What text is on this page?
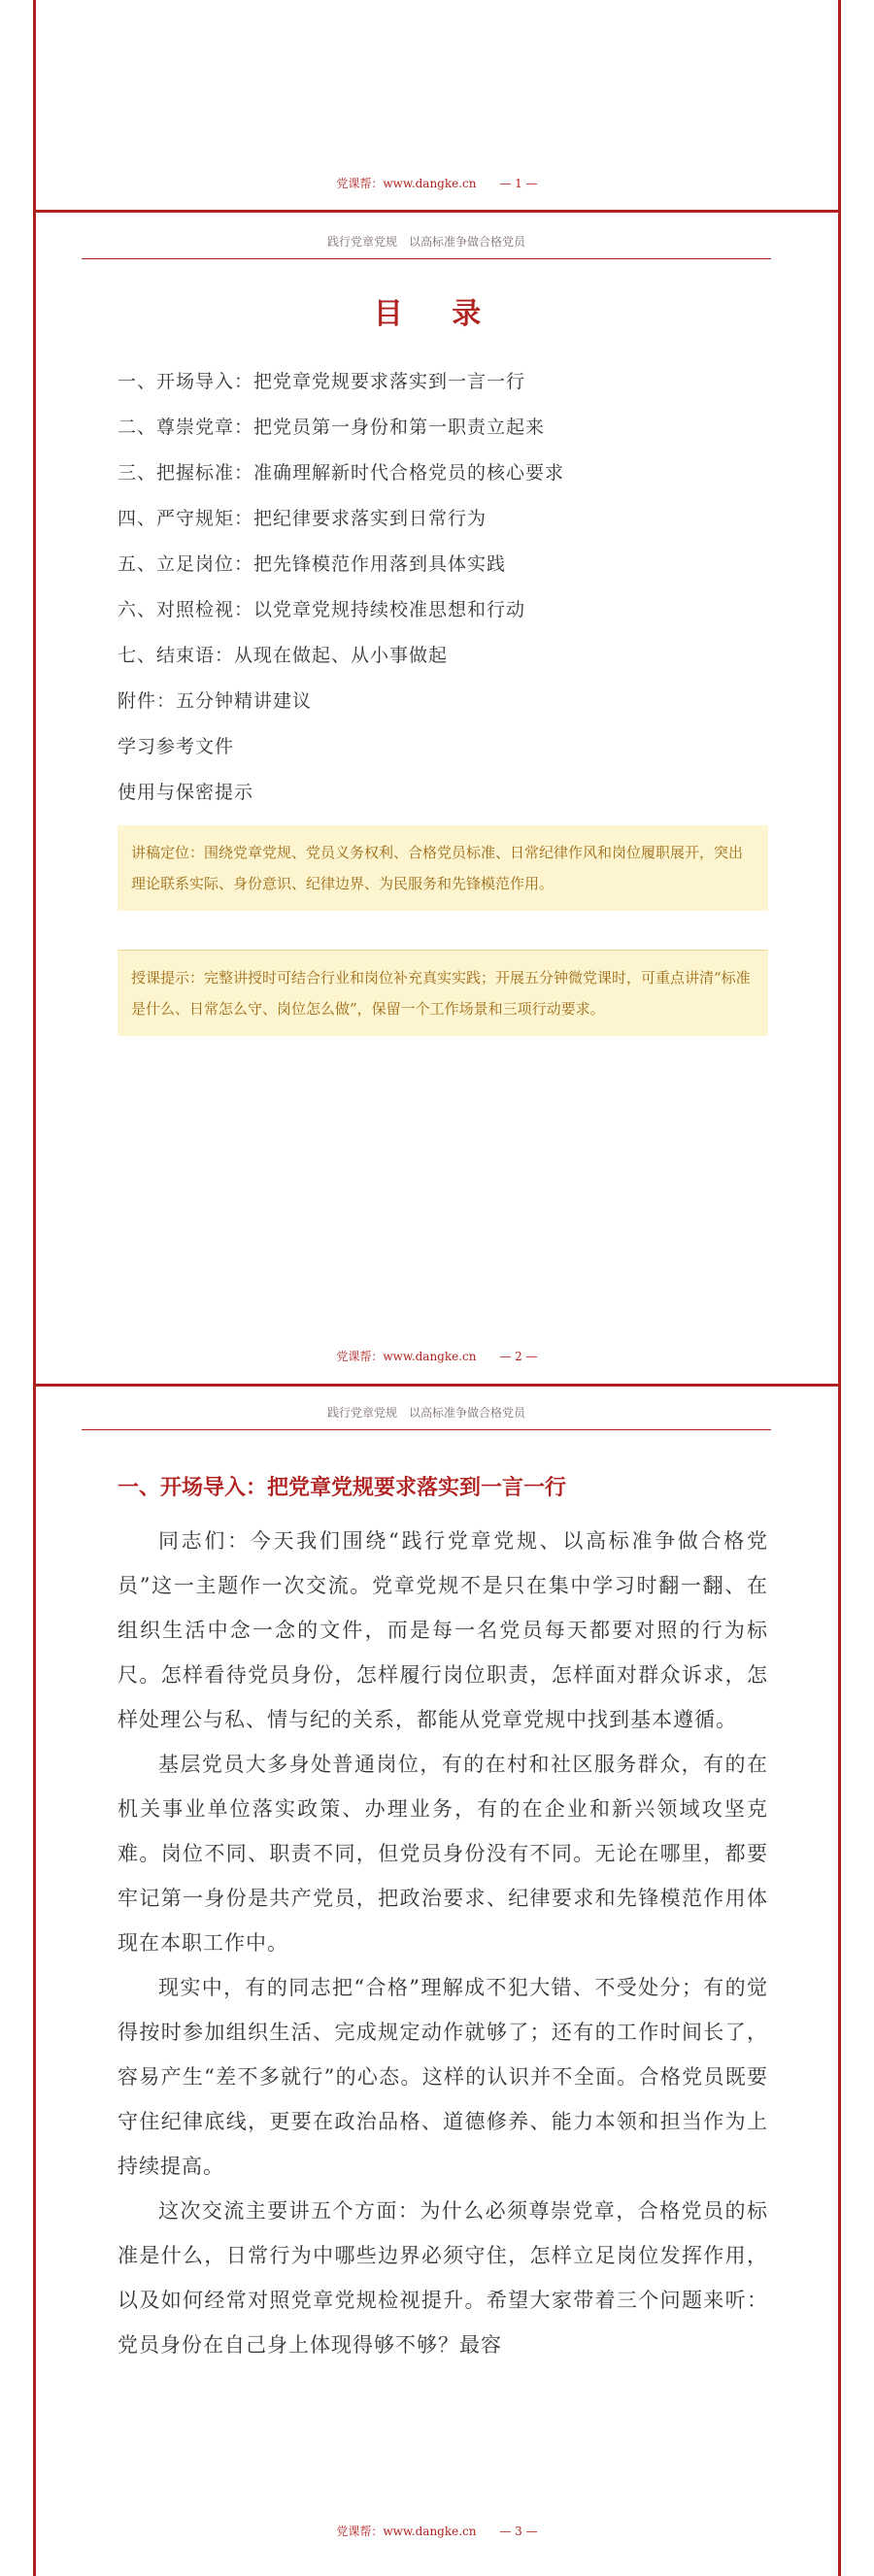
党课帮：www.dangke.cn — 1 —
践行党章党规　以高标准争做合格党员
目 录
一、开场导入：把党章党规要求落实到一言一行
二、尊崇党章：把党员第一身份和第一职责立起来
三、把握标准：准确理解新时代合格党员的核心要求
四、严守规矩：把纪律要求落实到日常行为
五、立足岗位：把先锋模范作用落到具体实践
六、对照检视：以党章党规持续校准思想和行动
七、结束语：从现在做起、从小事做起
附件：五分钟精讲建议
学习参考文件
使用与保密提示
讲稿定位：围绕党章党规、党员义务权利、合格党员标准、日常纪律作风和岗位履职展开，突出理论联系实际、身份意识、纪律边界、为民服务和先锋模范作用。
授课提示：完整讲授时可结合行业和岗位补充真实实践；开展五分钟微党课时，可重点讲清“标准是什么、日常怎么守、岗位怎么做”，保留一个工作场景和三项行动要求。
党课帮：www.dangke.cn — 2 —
践行党章党规　以高标准争做合格党员
一、开场导入：把党章党规要求落实到一言一行

同志们：今天我们围绕“践行党章党规、以高标准争做合格党员”这一主题作一次交流。党章党规不是只在集中学习时翻一翻、在组织生活中念一念的文件，而是每一名党员每天都要对照的行为标尺。怎样看待党员身份，怎样履行岗位职责，怎样面对群众诉求，怎样处理公与私、情与纪的关系，都能从党章党规中找到基本遵循。

基层党员大多身处普通岗位，有的在村和社区服务群众，有的在机关事业单位落实政策、办理业务，有的在企业和新兴领域攻坚克难。岗位不同、职责不同，但党员身份没有不同。无论在哪里，都要牢记第一身份是共产党员，把政治要求、纪律要求和先锋模范作用体现在本职工作中。

现实中，有的同志把“合格”理解成不犯大错、不受处分；有的觉得按时参加组织生活、完成规定动作就够了；还有的工作时间长了，容易产生“差不多就行”的心态。这样的认识并不全面。合格党员既要守住纪律底线，更要在政治品格、道德修养、能力本领和担当作为上持续提高。

这次交流主要讲五个方面：为什么必须尊崇党章，合格党员的标准是什么，日常行为中哪些边界必须守住，怎样立足岗位发挥作用，以及如何经常对照党章党规检视提升。希望大家带着三个问题来听：党员身份在自己身上体现得够不够？最容

党课帮：www.dangke.cn — 3 —
